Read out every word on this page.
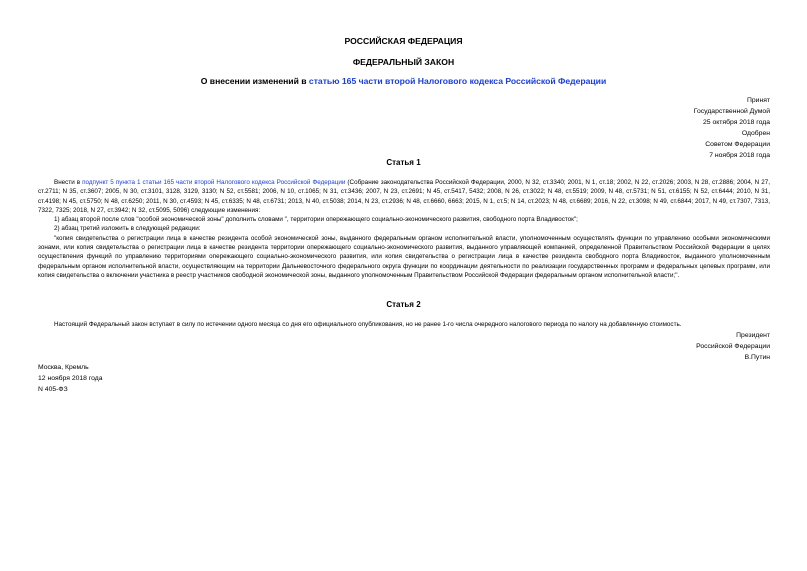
РОССИЙСКАЯ ФЕДЕРАЦИЯ
ФЕДЕРАЛЬНЫЙ ЗАКОН
О внесении изменений в статью 165 части второй Налогового кодекса Российской Федерации
Принят
Государственной Думой
25 октября 2018 года
Одобрен
Советом Федерации
7 ноября 2018 года
Статья 1

Внести в подпункт 5 пункта 1 статьи 165 части второй Налогового кодекса Российской Федерации (Собрание законодательства Российской Федерации, 2000, N 32, ст.3340; 2001, N 1, ст.18; 2002, N 22, ст.2026; 2003, N 28, ст.2886; 2004, N 27, ст.2711; N 35, ст.3607; 2005, N 30, ст.3101, 3128, 3129, 3130; N 52, ст.5581; 2006, N 10, ст.1065; N 31, ст.3436; 2007, N 23, ст.2691; N 45, ст.5417, 5432; 2008, N 26, ст.3022; N 48, ст.5519; 2009, N 48, ст.5731; N 51, ст.6155; N 52, ст.6444; 2010, N 31, ст.4198; N 45, ст.5750; N 48, ст.6250; 2011, N 30, ст.4593; N 45, ст.6335; N 48, ст.6731; 2013, N 40, ст.5038; 2014, N 23, ст.2936; N 48, ст.6660, 6663; 2015, N 1, ст.5; N 14, ст.2023; N 48, ст.6689; 2016, N 22, ст.3098; N 49, ст.6844; 2017, N 49, ст.7307, 7313, 7322, 7325; 2018, N 27, ст.3942; N 32, ст.5095, 5096) следующие изменения:

1) абзац второй после слов "особой экономической зоны" дополнить словами ", территории опережающего социально-экономического развития, свободного порта Владивосток";

2) абзац третий изложить в следующей редакции:

"копия свидетельства о регистрации лица в качестве резидента особой экономической зоны, выданного федеральным органом исполнительной власти, уполномоченным осуществлять функции по управлению особыми экономическими зонами, или копия свидетельства о регистрации лица в качестве резидента территории опережающего социально-экономического развития, выданного управляющей компанией, определенной Правительством Российской Федерации в целях осуществления функций по управлению территориями опережающего социально-экономического развития, или копия свидетельства о регистрации лица в качестве резидента свободного порта Владивосток, выданного уполномоченным федеральным органом исполнительной власти, осуществляющим на территории Дальневосточного федерального округа функции по координации деятельности по реализации государственных программ и федеральных целевых программ, или копия свидетельства о включении участника в реестр участников свободной экономической зоны, выданного уполномоченным Правительством Российской Федерации федеральным органом исполнительной власти;".

Статья 2

Настоящий Федеральный закон вступает в силу по истечении одного месяца со дня его официального опубликования, но не ранее 1-го числа очередного налогового периода по налогу на добавленную стоимость.

Президент
Российской Федерации
В.Путин
Москва, Кремль
12 ноября 2018 года
N 405-ФЗ
